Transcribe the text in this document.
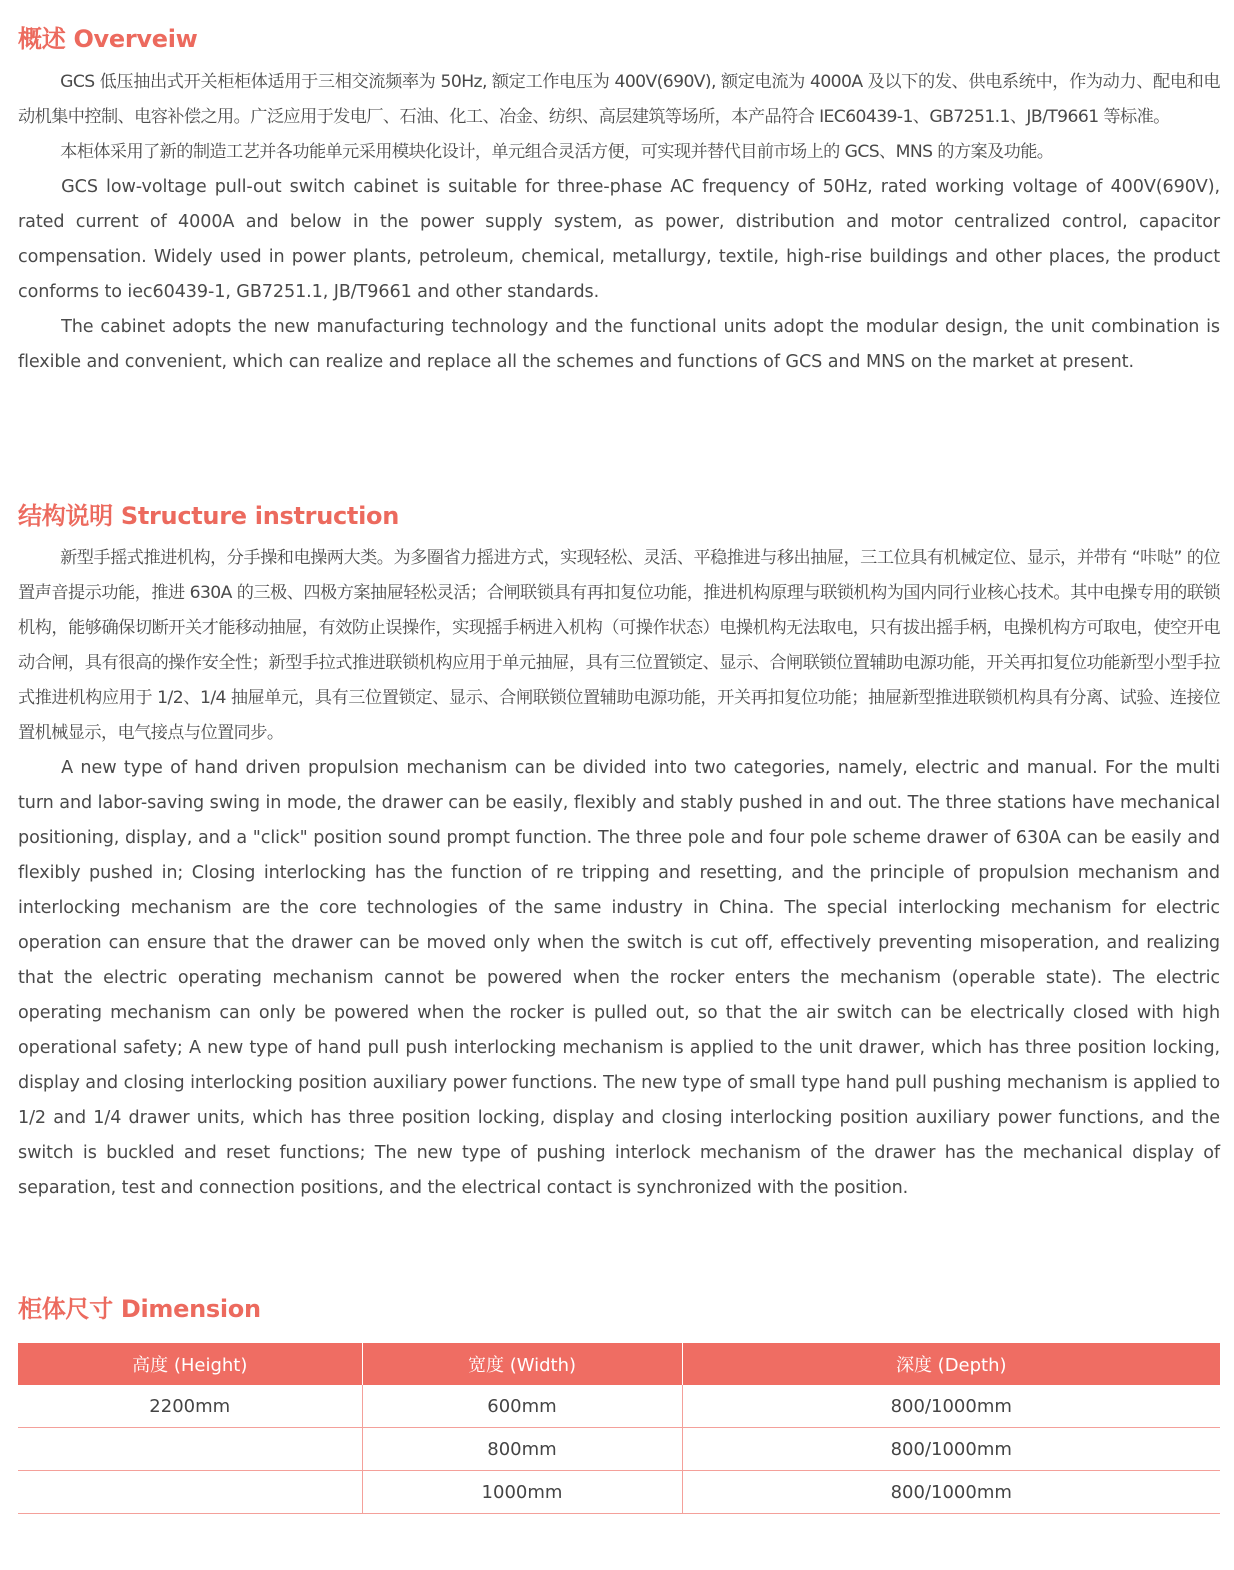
概述 Overveiw

GCS 低压抽出式开关柜柜体适用于三相交流频率为 50Hz, 额定工作电压为 400V(690V), 额定电流为 4000A 及以下的发、供电系统中，作为动力、配电和电动机集中控制、电容补偿之用。广泛应用于发电厂、石油、化工、冶金、纺织、高层建筑等场所，本产品符合 IEC60439-1、GB7251.1、JB/T9661 等标准。

本柜体采用了新的制造工艺并各功能单元采用模块化设计，单元组合灵活方便，可实现并替代目前市场上的 GCS、MNS 的方案及功能。

GCS low-voltage pull-out switch cabinet is suitable for three-phase AC frequency of 50Hz, rated working voltage of 400V(690V), rated current of 4000A and below in the power supply system, as power, distribution and motor centralized control, capacitor compensation. Widely used in power plants, petroleum, chemical, metallurgy, textile, high-rise buildings and other places, the product conforms to iec60439-1, GB7251.1, JB/T9661 and other standards.

The cabinet adopts the new manufacturing technology and the functional units adopt the modular design, the unit combination is flexible and convenient, which can realize and replace all the schemes and functions of GCS and MNS on the market at present.

结构说明 Structure instruction

新型手摇式推进机构，分手操和电操两大类。为多圈省力摇进方式，实现轻松、灵活、平稳推进与移出抽屉，三工位具有机械定位、显示，并带有 “咔哒” 的位置声音提示功能，推进 630A 的三极、四极方案抽屉轻松灵活；合闸联锁具有再扣复位功能，推进机构原理与联锁机构为国内同行业核心技术。其中电操专用的联锁机构，能够确保切断开关才能移动抽屉，有效防止误操作，实现摇手柄进入机构（可操作状态）电操机构无法取电，只有拔出摇手柄，电操机构方可取电，使空开电动合闸，具有很高的操作安全性；新型手拉式推进联锁机构应用于单元抽屉，具有三位置锁定、显示、合闸联锁位置辅助电源功能，开关再扣复位功能新型小型手拉式推进机构应用于 1/2、1/4 抽屉单元，具有三位置锁定、显示、合闸联锁位置辅助电源功能，开关再扣复位功能；抽屉新型推进联锁机构具有分离、试验、连接位置机械显示，电气接点与位置同步。

A new type of hand driven propulsion mechanism can be divided into two categories, namely, electric and manual. For the multi turn and labor-saving swing in mode, the drawer can be easily, flexibly and stably pushed in and out. The three stations have mechanical positioning, display, and a "click" position sound prompt function. The three pole and four pole scheme drawer of 630A can be easily and flexibly pushed in; Closing interlocking has the function of re tripping and resetting, and the principle of propulsion mechanism and interlocking mechanism are the core technologies of the same industry in China. The special interlocking mechanism for electric operation can ensure that the drawer can be moved only when the switch is cut off, effectively preventing misoperation, and realizing that the electric operating mechanism cannot be powered when the rocker enters the mechanism (operable state). The electric operating mechanism can only be powered when the rocker is pulled out, so that the air switch can be electrically closed with high operational safety; A new type of hand pull push interlocking mechanism is applied to the unit drawer, which has three position locking, display and closing interlocking position auxiliary power functions. The new type of small type hand pull pushing mechanism is applied to 1/2 and 1/4 drawer units, which has three position locking, display and closing interlocking position auxiliary power functions, and the switch is buckled and reset functions; The new type of pushing interlock mechanism of the drawer has the mechanical display of separation, test and connection positions, and the electrical contact is synchronized with the position.

柜体尺寸 Dimension
高度 (Height)	宽度 (Width)	深度 (Depth)
2200mm	600mm	800/1000mm
	800mm	800/1000mm
	1000mm	800/1000mm
